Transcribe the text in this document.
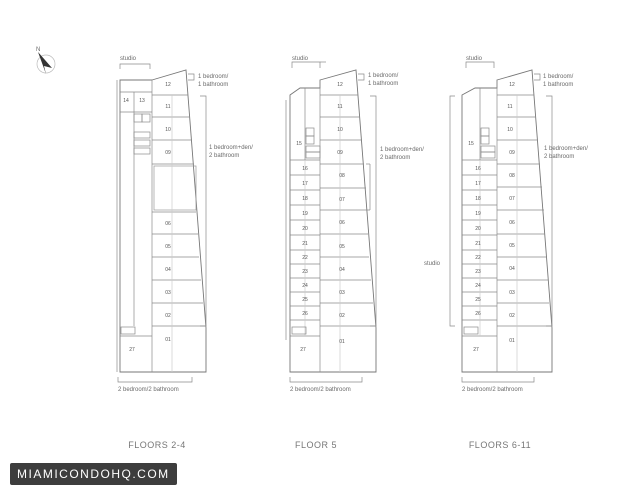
N
studio
1 bedroom/
1 bathroom
1 bedroom+den/
2 bathroom
2 bedroom/2 bathroom
12
14 13
11
10
09
06
05
04
03
02
01
27
studio
1 bedroom/
1 bathroom
1 bedroom+den/
2 bathroom
2 bedroom/2 bathroom
12
11
10
15
09
16
08
17
18	07
19
06
20
21	05
22
23	04
24
03
25
02
26
01
27
studio
studio
1 bedroom/
1 bathroom
1 bedroom+den/
2 bathroom
2 bedroom/2 bathroom
12
11
10
15
09
16
08
17
07
18
06
19
20
05
21
22
04
23
24
03
25
02
26
01
27
FLOORS 2-4	FLOOR 5	FLOORS 6-11
MIAMICONDOHQ.COM
